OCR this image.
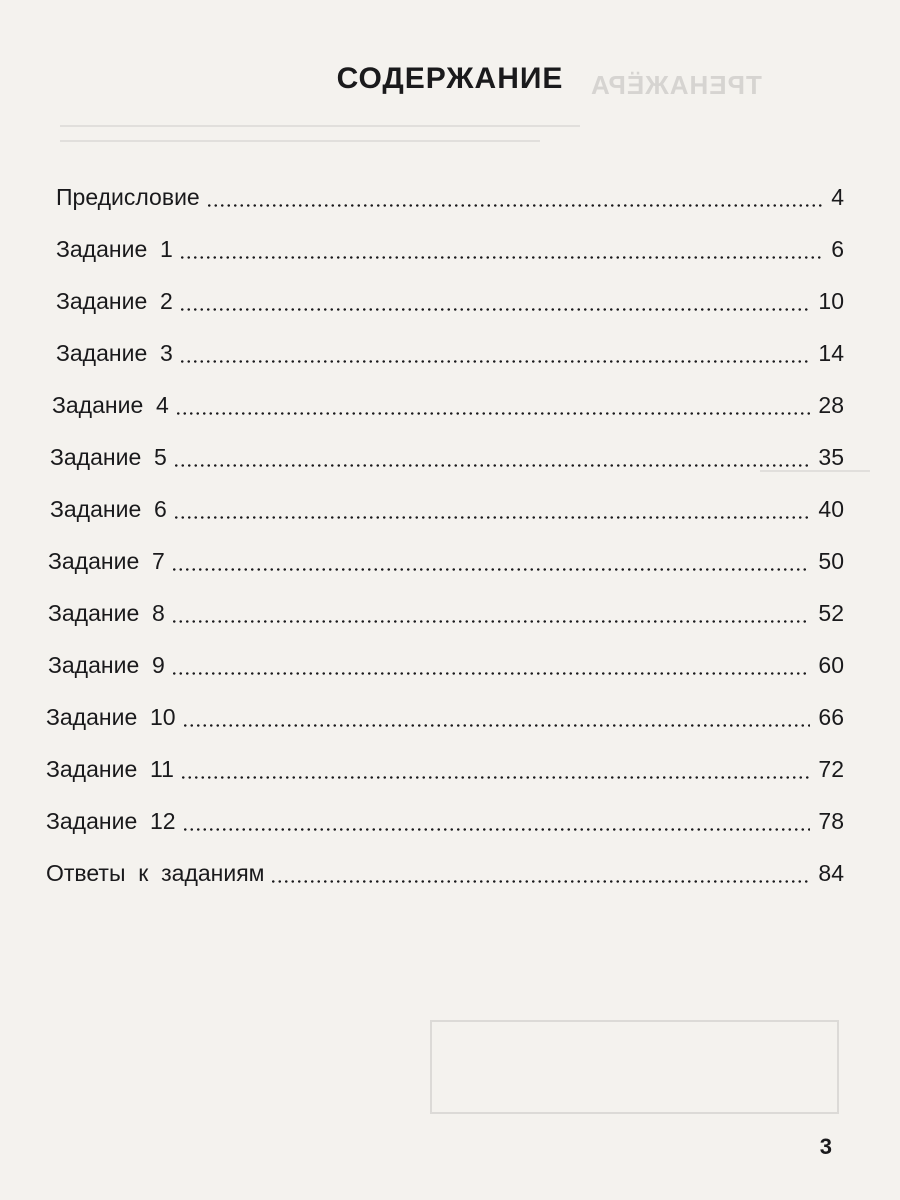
ТРЕНАЖЁРА
СОДЕРЖАНИЕ
Предисловие	4
Задание  1	6
Задание  2	10
Задание  3	14
Задание  4	28
Задание  5	35
Задание  6	40
Задание  7	50
Задание  8	52
Задание  9	60
Задание  10	66
Задание  11	72
Задание  12	78
Ответы  к  заданиям	84
3
